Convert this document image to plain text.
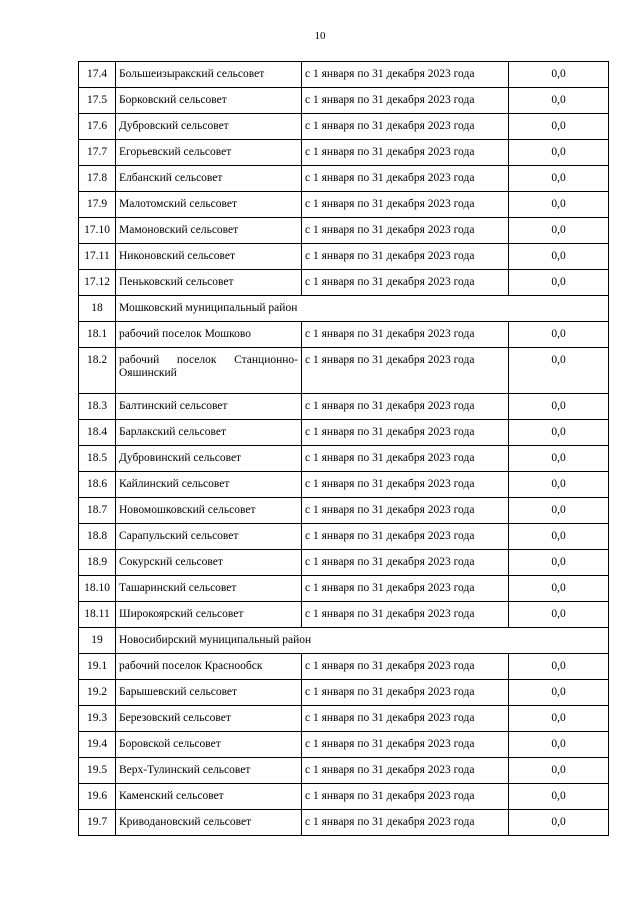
10
17.4	Большеизыракский сельсовет	с 1 января по 31 декабря 2023 года	0,0
17.5	Борковский сельсовет	с 1 января по 31 декабря 2023 года	0,0
17.6	Дубровский сельсовет	с 1 января по 31 декабря 2023 года	0,0
17.7	Егорьевский сельсовет	с 1 января по 31 декабря 2023 года	0,0
17.8	Елбанский сельсовет	с 1 января по 31 декабря 2023 года	0,0
17.9	Малотомский сельсовет	с 1 января по 31 декабря 2023 года	0,0
17.10	Мамоновский сельсовет	с 1 января по 31 декабря 2023 года	0,0
17.11	Никоновский сельсовет	с 1 января по 31 декабря 2023 года	0,0
17.12	Пеньковский сельсовет	с 1 января по 31 декабря 2023 года	0,0
18	Мошковский муниципальный район		
18.1	рабочий поселок Мошково	с 1 января по 31 декабря 2023 года	0,0
18.2	рабочий поселок Станционно-Ояшинский	с 1 января по 31 декабря 2023 года	0,0
18.3	Балтинский сельсовет	с 1 января по 31 декабря 2023 года	0,0
18.4	Барлакский сельсовет	с 1 января по 31 декабря 2023 года	0,0
18.5	Дубровинский сельсовет	с 1 января по 31 декабря 2023 года	0,0
18.6	Кайлинский сельсовет	с 1 января по 31 декабря 2023 года	0,0
18.7	Новомошковский сельсовет	с 1 января по 31 декабря 2023 года	0,0
18.8	Сарапульский сельсовет	с 1 января по 31 декабря 2023 года	0,0
18.9	Сокурский сельсовет	с 1 января по 31 декабря 2023 года	0,0
18.10	Ташаринский сельсовет	с 1 января по 31 декабря 2023 года	0,0
18.11	Широкоярский сельсовет	с 1 января по 31 декабря 2023 года	0,0
19	Новосибирский муниципальный район		
19.1	рабочий поселок Краснообск	с 1 января по 31 декабря 2023 года	0,0
19.2	Барышевский сельсовет	с 1 января по 31 декабря 2023 года	0,0
19.3	Березовский сельсовет	с 1 января по 31 декабря 2023 года	0,0
19.4	Боровской сельсовет	с 1 января по 31 декабря 2023 года	0,0
19.5	Верх-Тулинский сельсовет	с 1 января по 31 декабря 2023 года	0,0
19.6	Каменский сельсовет	с 1 января по 31 декабря 2023 года	0,0
19.7	Криводановский сельсовет	с 1 января по 31 декабря 2023 года	0,0
